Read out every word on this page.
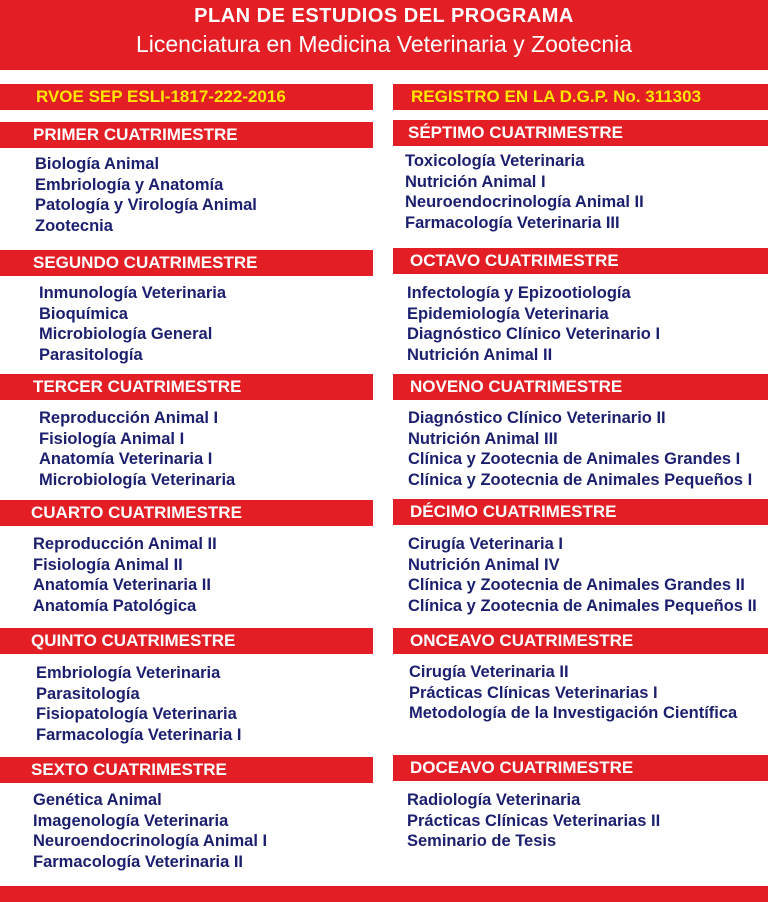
PLAN DE ESTUDIOS DEL PROGRAMA
Licenciatura en Medicina Veterinaria y Zootecnia
RVOE SEP ESLI-1817-222-2016	REGISTRO EN LA D.G.P. No. 311303
PRIMER CUATRIMESTRE
Biología Animal
Embriología y Anatomía
Patología y Virología Animal
Zootecnia
SEGUNDO CUATRIMESTRE
Inmunología Veterinaria
Bioquímica
Microbiología General
Parasitología
TERCER CUATRIMESTRE
Reproducción Animal I
Fisiología Animal I
Anatomía Veterinaria I
Microbiología Veterinaria
CUARTO CUATRIMESTRE
Reproducción Animal II
Fisiología Animal II
Anatomía Veterinaria II
Anatomía Patológica
QUINTO CUATRIMESTRE
Embriología Veterinaria
Parasitología
Fisiopatología Veterinaria
Farmacología Veterinaria I
SEXTO CUATRIMESTRE
Genética Animal
Imagenología Veterinaria
Neuroendocrinología Animal I
Farmacología Veterinaria II
SÉPTIMO CUATRIMESTRE
Toxicología Veterinaria
Nutrición Animal I
Neuroendocrinología Animal II
Farmacología Veterinaria III
OCTAVO CUATRIMESTRE
Infectología y Epizootiología
Epidemiología Veterinaria
Diagnóstico Clínico Veterinario I
Nutrición Animal II
NOVENO CUATRIMESTRE
Diagnóstico Clínico Veterinario II
Nutrición Animal III
Clínica y Zootecnia de Animales Grandes I
Clínica y Zootecnia de Animales Pequeños I
DÉCIMO CUATRIMESTRE
Cirugía Veterinaria I
Nutrición Animal IV
Clínica y Zootecnia de Animales Grandes II
Clínica y Zootecnia de Animales Pequeños II
ONCEAVO CUATRIMESTRE
Cirugía Veterinaria II
Prácticas Clínicas Veterinarias I
Metodología de la Investigación Científica
DOCEAVO CUATRIMESTRE
Radiología Veterinaria
Prácticas Clínicas Veterinarias II
Seminario de Tesis
